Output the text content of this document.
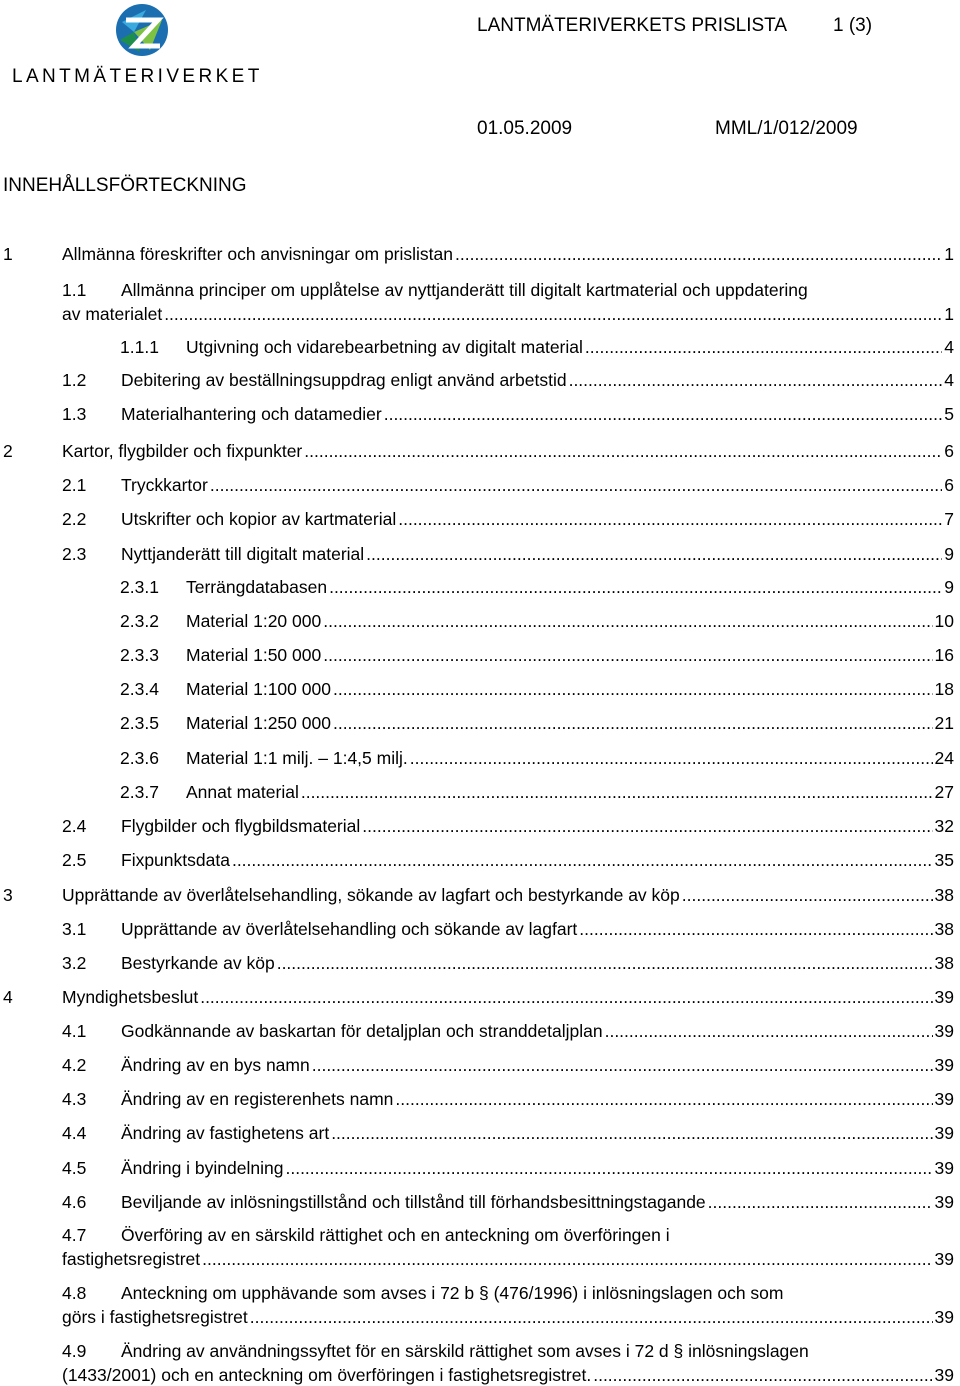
LANTMÄTERIVERKET
LANTMÄTERIVERKETS PRISLISTA 1 (3)
01.05.2009	MML/1/012/2009
INNEHÅLLSFÖRTECKNING
1	Allmänna föreskrifter och anvisningar om prislistan .....	1
1.1 Allmänna principer om upplåtelse av nyttjanderätt till digitalt kartmaterial och uppdatering
av materialet .....	1
1.1.1 Utgivning och vidarebearbetning av digitalt material .....	4
1.2 Debitering av beställningsuppdrag enligt använd arbetstid .....	4
1.3 Materialhantering och datamedier .....	5
2	Kartor, flygbilder och fixpunkter .....	6
2.1 Tryckkartor .....	6
2.2 Utskrifter och kopior av kartmaterial .....	7
2.3 Nyttjanderätt till digitalt material .....	9
2.3.1 Terrängdatabasen .....	9
2.3.2 Material 1:20 000 .....	10
2.3.3 Material 1:50 000 .....	16
2.3.4 Material 1:100 000 .....	18
2.3.5 Material 1:250 000 .....	21
2.3.6 Material 1:1 milj. – 1:4,5 milj. .....	24
2.3.7 Annat material .....	27
2.4 Flygbilder och flygbildsmaterial .....	32
2.5 Fixpunktsdata .....	35
3	Upprättande av överlåtelsehandling, sökande av lagfart och bestyrkande av köp .....	38
3.1 Upprättande av överlåtelsehandling och sökande av lagfart .....	38
3.2 Bestyrkande av köp .....	38
4	Myndighetsbeslut .....	39
4.1 Godkännande av baskartan för detaljplan och stranddetaljplan .....	39
4.2 Ändring av en bys namn .....	39
4.3 Ändring av en registerenhets namn .....	39
4.4 Ändring av fastighetens art .....	39
4.5 Ändring i byindelning .....	39
4.6 Beviljande av inlösningstillstånd och tillstånd till förhandsbesittningstagande .....	39
4.7 Överföring av en särskild rättighet och en anteckning om överföringen i
fastighetsregistret .....	39
4.8 Anteckning om upphävande som avses i 72 b § (476/1996) i inlösningslagen och som
görs i fastighetsregistret .....	39
4.9 Ändring av användningssyftet för en särskild rättighet som avses i 72 d § inlösningslagen
(1433/2001) och en anteckning om överföringen i fastighetsregistret. .....	39
